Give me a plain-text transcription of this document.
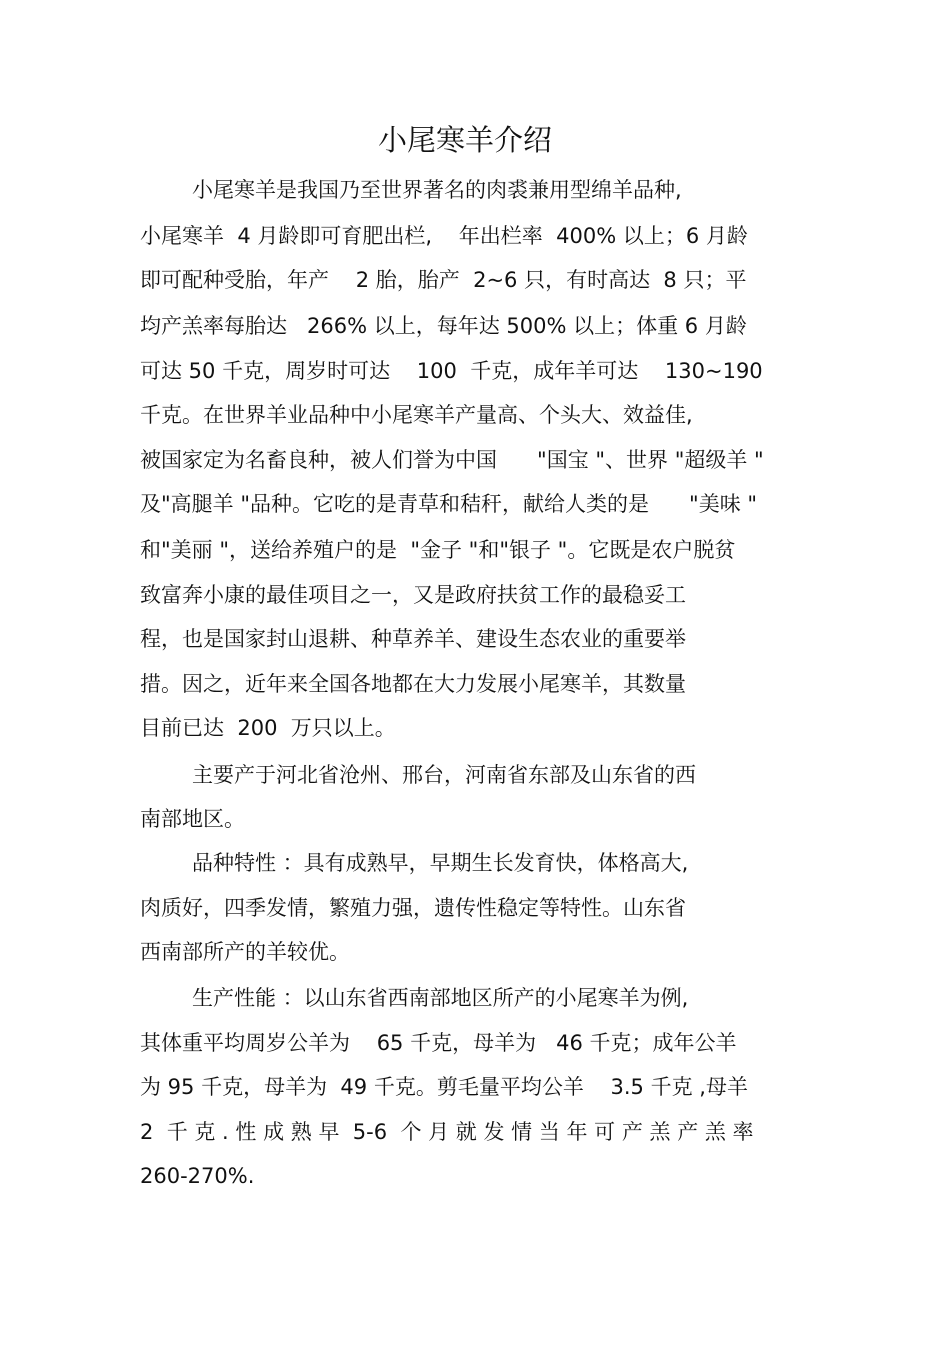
小尾寒羊介绍

小尾寒羊是我国乃至世界著名的肉裘兼用型绵羊品种,

小尾寒羊  4 月龄即可育肥出栏,    年出栏率  400% 以上；6 月龄

即可配种受胎，年产    2 胎，胎产  2~6 只，有时高达  8 只；平

均产羔率每胎达   266% 以上，每年达 500% 以上；体重 6 月龄

可达 50 千克，周岁时可达    100  千克，成年羊可达    130~190

千克。在世界羊业品种中小尾寒羊产量高、个头大、效益佳,

被国家定为名畜良种，被人们誉为中国      "国宝 "、世界 "超级羊 "

及"高腿羊 "品种。它吃的是青草和秸秆，献给人类的是      "美味 "

和"美丽 "，送给养殖户的是  "金子 "和"银子 "。它既是农户脱贫

致富奔小康的最佳项目之一，又是政府扶贫工作的最稳妥工

程，也是国家封山退耕、种草养羊、建设生态农业的重要举

措。因之，近年来全国各地都在大力发展小尾寒羊，其数量

目前已达  200  万只以上。

主要产于河北省沧州、邢台，河南省东部及山东省的西

南部地区。

品种特性 ：具有成熟早，早期生长发育快，体格高大,

肉质好，四季发情，繁殖力强，遗传性稳定等特性。山东省

西南部所产的羊较优。

生产性能 ：以山东省西南部地区所产的小尾寒羊为例,

其体重平均周岁公羊为    65 千克，母羊为   46 千克；成年公羊

为 95 千克，母羊为  49 千克。剪毛量平均公羊    3.5 千克 ,母羊

2  千 克 . 性 成 熟 早  5-6  个 月 就 发 情 当 年 可 产 羔 产 羔 率

260-270%.
